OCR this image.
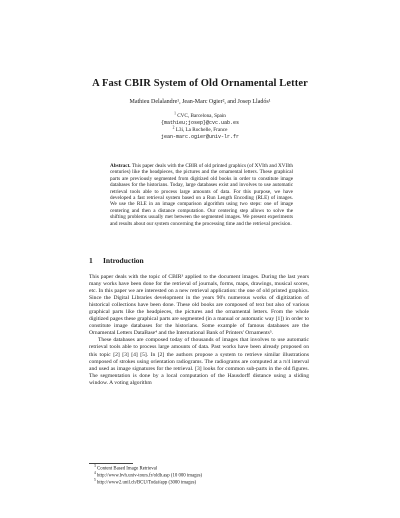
A Fast CBIR System of Old Ornamental Letter
Mathieu Delalandre¹, Jean-Marc Ogier², and Josep Lladós¹
$^1$ CVC, Barcelona, Spain
{mathieu;josep}@cvc.uab.es
$^2$ L3i, La Rochelle, France
jean-marc.ogier@univ-lr.fr
Abstract. This paper deals with the CBIR of old printed graphics (of XVIth and XVIIth centuries) like the headpieces, the pictures and the ornamental letters. These graphical parts are previously segmented from digitized old books in order to constitute image databases for the historians. Today, large databases exist and involves to use automatic retrieval tools able to process large amounts of data. For this purpose, we have developed a fast retrieval system based on a Run Length Encoding (RLE) of images. We use the RLE in an image comparison algorithm using two steps: one of image centering and then a distance computation. Our centering step allows to solve the shifting problems usually met between the segmented images. We present experiments and results about our system concerning the processing time and the retrieval precision.
1 Introduction

This paper deals with the topic of CBIR³ applied to the document images. During the last years many works have been done for the retrieval of journals, forms, maps, drawings, musical scores, etc. In this paper we are interested on a new retrieval application: the one of old printed graphics. Since the Digital Libraries development in the years 90's numerous works of digitization of historical collections have been done. These old books are composed of text but also of various graphical parts like the headpieces, the pictures and the ornamental letters. From the whole digitized pages these graphical parts are segmented (in a manual or automatic way [1]) in order to constitute image databases for the historians. Some example of famous databases are the Ornamental Letters DataBase⁴ and the International Bank of Printers' Ornaments⁵.

These databases are composed today of thousands of images that involves to use automatic retrieval tools able to process large amounts of data. Past works have been already proposed on this topic [2] [3] [4] [5]. In [2] the authors propose a system to retrieve similar illustrations composed of strokes using orientation radiograms. The radiograms are computed at a π/4 interval and used as image signatures for the retrieval. [3] looks for common sub-parts in the old figures. The segmentation is done by a local computation of the Hausdorff distance using a sliding window. A voting algorithm

$^3$ Content Based Image Retrieval
$^4$ http://www.bvh.univ-tours.fr/oldb.asp (10 000 images)
$^5$ http://www2.unil.ch/BCU/Todai/app (3000 images)
